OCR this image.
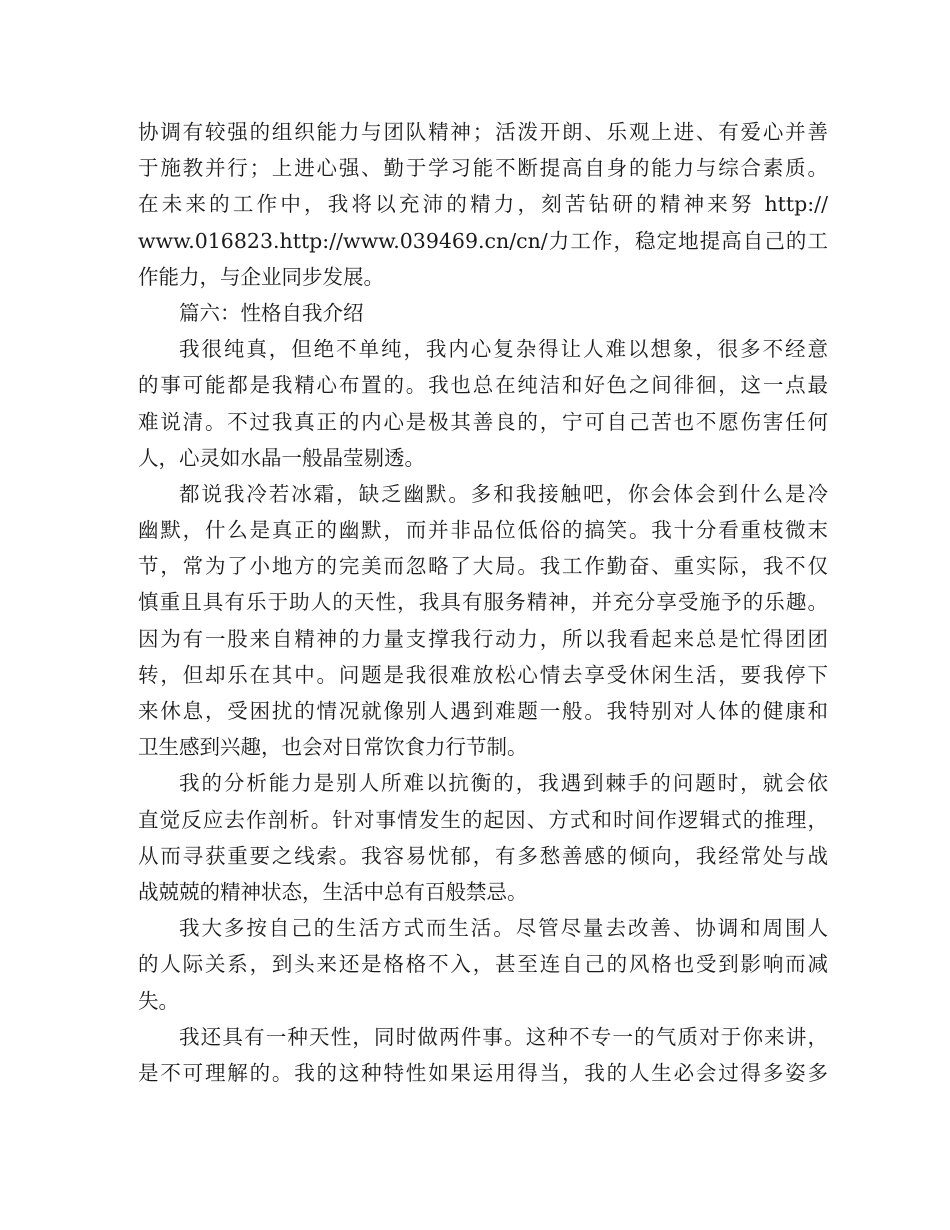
协调有较强的组织能力与团队精神；活泼开朗、乐观上进、有爱心并善
于施教并行；上进心强、勤于学习能不断提高自身的能力与综合素质。
在未来的工作中，我将以充沛的精力，刻苦钻研的精神来努 http://
www.016823.http://www.039469.cn/cn/力工作，稳定地提高自己的工
作能力，与企业同步发展。
篇六：性格自我介绍
我很纯真，但绝不单纯，我内心复杂得让人难以想象，很多不经意
的事可能都是我精心布置的。我也总在纯洁和好色之间徘徊，这一点最
难说清。不过我真正的内心是极其善良的，宁可自己苦也不愿伤害任何
人，心灵如水晶一般晶莹剔透。
都说我冷若冰霜，缺乏幽默。多和我接触吧，你会体会到什么是冷
幽默，什么是真正的幽默，而并非品位低俗的搞笑。我十分看重枝微末
节，常为了小地方的完美而忽略了大局。我工作勤奋、重实际，我不仅
慎重且具有乐于助人的天性，我具有服务精神，并充分享受施予的乐趣。
因为有一股来自精神的力量支撑我行动力，所以我看起来总是忙得团团
转，但却乐在其中。问题是我很难放松心情去享受休闲生活，要我停下
来休息，受困扰的情况就像别人遇到难题一般。我特别对人体的健康和
卫生感到兴趣，也会对日常饮食力行节制。
我的分析能力是别人所难以抗衡的，我遇到棘手的问题时，就会依
直觉反应去作剖析。针对事情发生的起因、方式和时间作逻辑式的推理，
从而寻获重要之线索。我容易忧郁，有多愁善感的倾向，我经常处与战
战兢兢的精神状态，生活中总有百般禁忌。
我大多按自己的生活方式而生活。尽管尽量去改善、协调和周围人
的人际关系，到头来还是格格不入，甚至连自己的风格也受到影响而减
失。
我还具有一种天性，同时做两件事。这种不专一的气质对于你来讲，
是不可理解的。我的这种特性如果运用得当，我的人生必会过得多姿多
